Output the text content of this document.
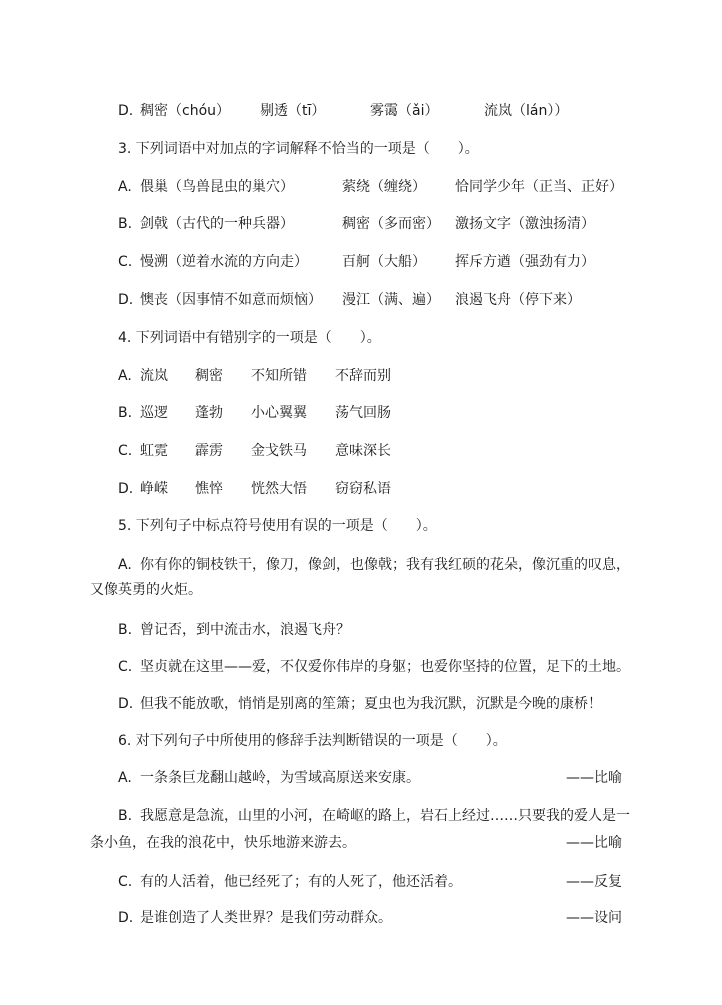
D. 稠密（chóu） 剔透（tī）	雾霭（ǎi）	流岚（lán））
3. 下列词语中对加点的字词解释不恰当的一项是（　　）。
A. 偎巢（鸟兽昆虫的巢穴）	萦绕（缠绕） 恰同学少年（正当、正好）
B. 剑戟（古代的一种兵器）	稠密（多而密） 激扬文字（激浊扬清）
C. 慢溯（逆着水流的方向走） 百舸（大船） 挥斥方遒（强劲有力）
D. 懊丧（因事情不如意而烦恼） 漫江（满、遍） 浪遏飞舟（停下来）
4. 下列词语中有错别字的一项是（　　）。
A. 流岚 稠密 不知所错 不辞而别
B. 巡逻 蓬勃 小心翼翼 荡气回肠
C. 虹霓 霹雳 金戈铁马 意味深长
D. 峥嵘 憔悴 恍然大悟 窃窃私语
5. 下列句子中标点符号使用有误的一项是（　　）。
A. 你有你的铜枝铁干，像刀，像剑，也像戟；我有我红硕的花朵，像沉重的叹息，
又像英勇的火炬。
B. 曾记否，到中流击水，浪遏飞舟？
C. 坚贞就在这里——爱，不仅爱你伟岸的身躯；也爱你坚持的位置，足下的土地。
D. 但我不能放歌，悄悄是别离的笙箫；夏虫也为我沉默，沉默是今晚的康桥！
6. 对下列句子中所使用的修辞手法判断错误的一项是（　　）。
A. 一条条巨龙翻山越岭，为雪域高原送来安康。	——比喻
B. 我愿意是急流，山里的小河，在崎岖的路上，岩石上经过……只要我的爱人是一
条小鱼，在我的浪花中，快乐地游来游去。	——比喻
C. 有的人活着，他已经死了；有的人死了，他还活着。	——反复
D. 是谁创造了人类世界？是我们劳动群众。	——设问
